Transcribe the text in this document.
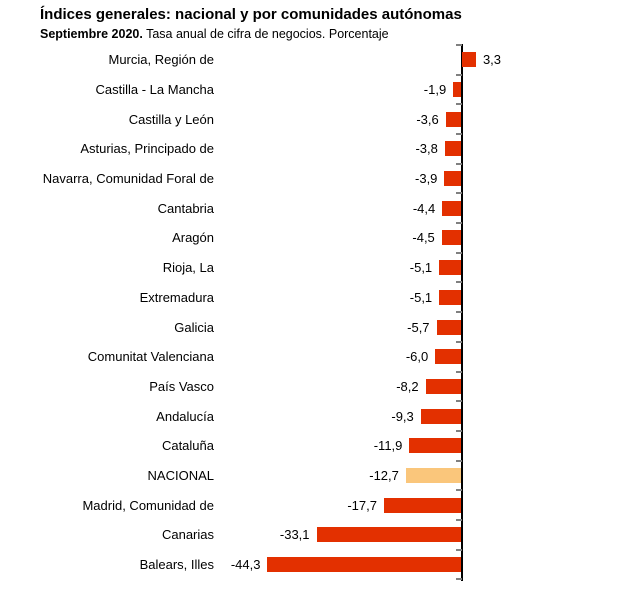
Índices generales: nacional y por comunidades autónomas
Septiembre 2020. Tasa anual de cifra de negocios. Porcentaje
Murcia, Región de	3,3
Castilla - La Mancha	-1,9
Castilla y León	-3,6
Asturias, Principado de	-3,8
Navarra, Comunidad Foral de	-3,9
Cantabria	-4,4
Aragón	-4,5
Rioja, La	-5,1
Extremadura	-5,1
Galicia	-5,7
Comunitat Valenciana	-6,0
País Vasco	-8,2
Andalucía	-9,3
Cataluña	-11,9
NACIONAL	-12,7
Madrid, Comunidad de	-17,7
Canarias	-33,1
Balears, Illes -44,3
